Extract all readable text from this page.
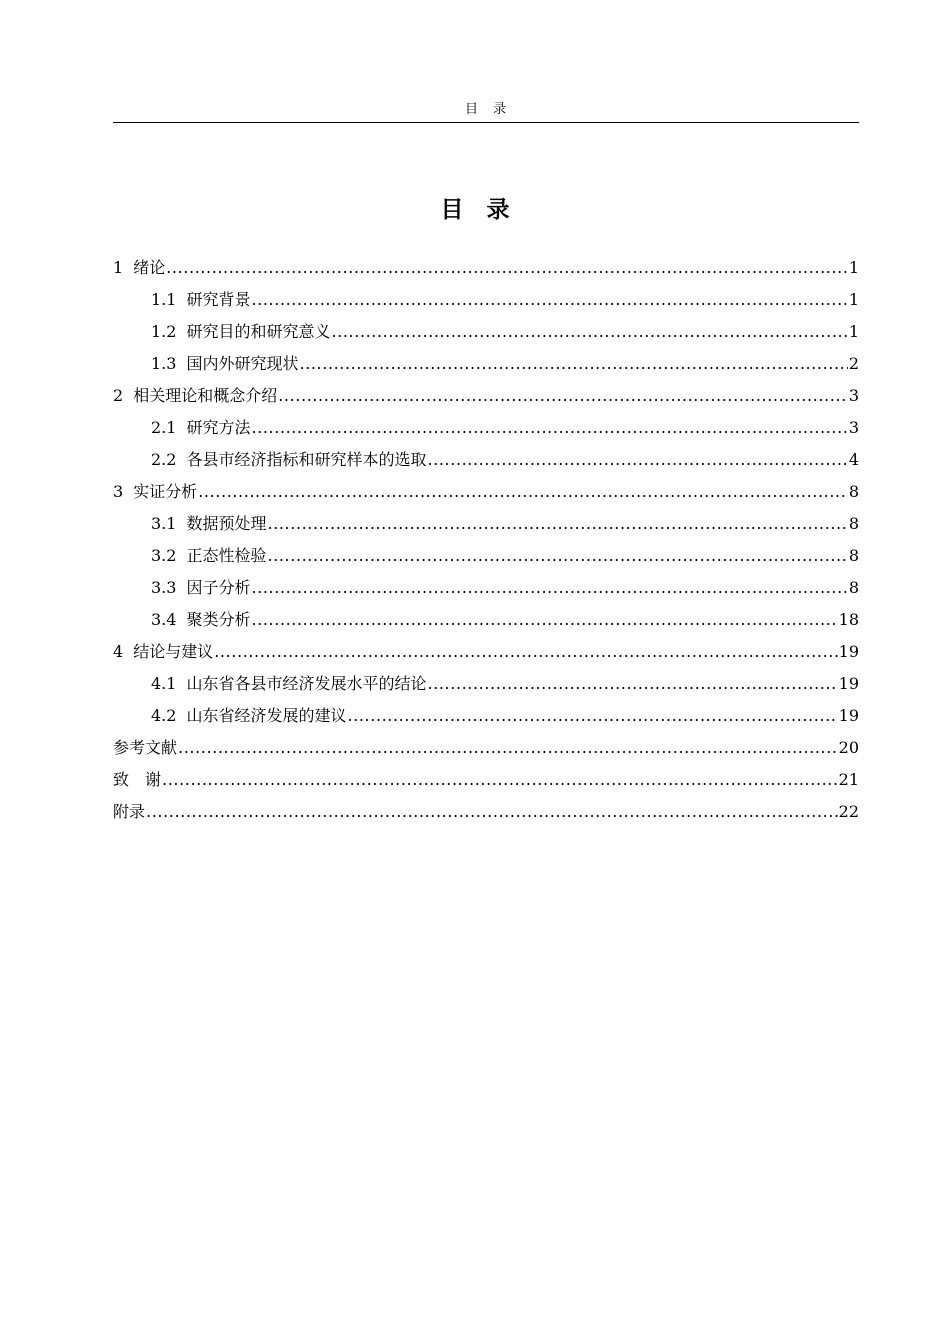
目　录
目　录
1 绪论 .....	1
1.1 研究背景 .....	1
1.2 研究目的和研究意义 .....	1
1.3 国内外研究现状 .....	2
2 相关理论和概念介绍 .....	3
2.1 研究方法 .....	3
2.2 各县市经济指标和研究样本的选取 .....	4
3 实证分析 .....	8
3.1 数据预处理 .....	8
3.2 正态性检验 .....	8
3.3 因子分析 .....	8
3.4 聚类分析 .....	18
4 结论与建议 .....	19
4.1 山东省各县市经济发展水平的结论 .....	19
4.2 山东省经济发展的建议 .....	19
参考文献 .....	20
致　谢 .....	21
附录 .....	22
